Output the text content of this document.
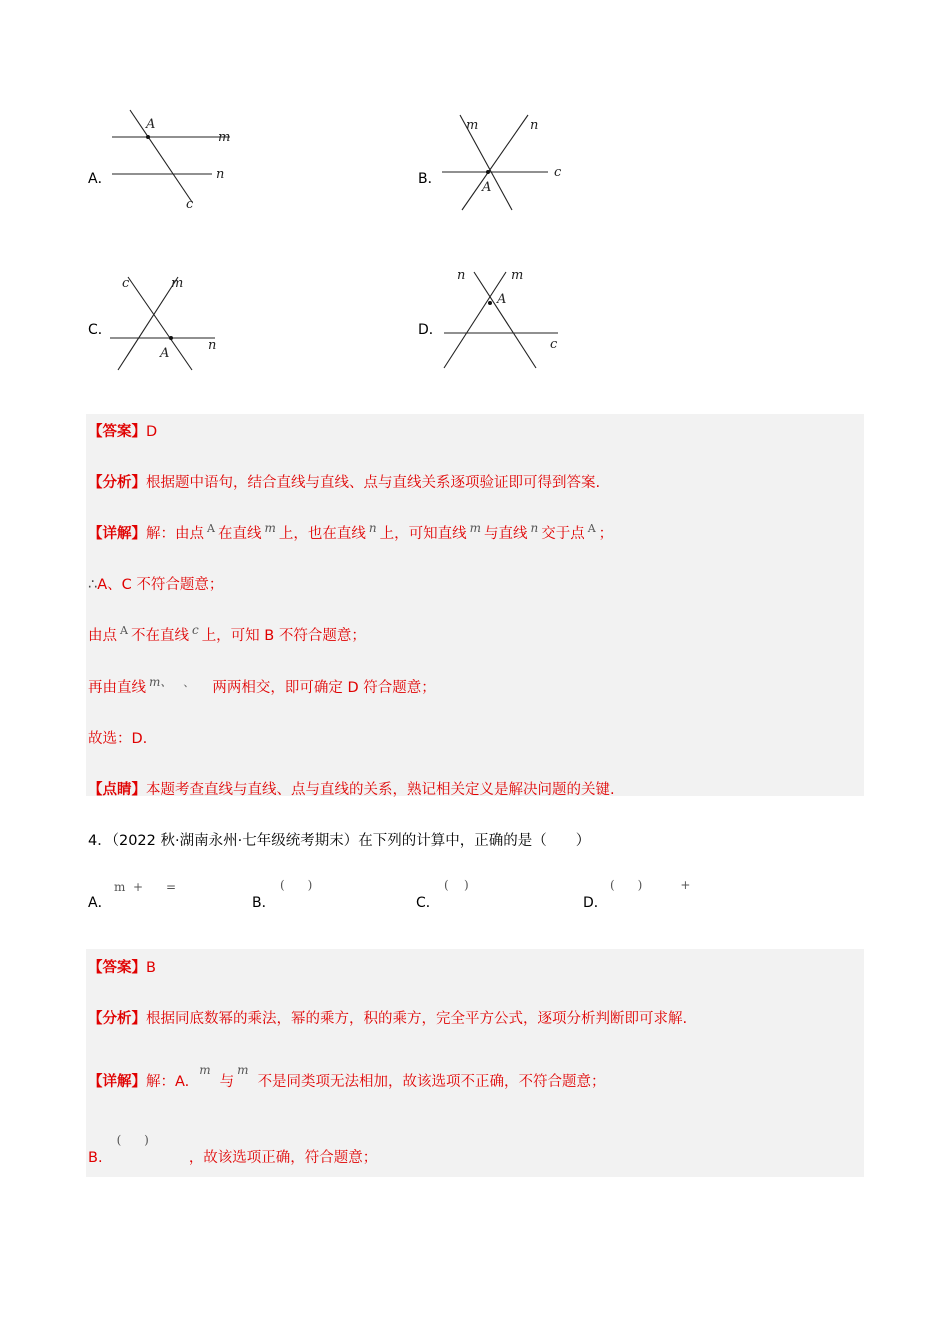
A．
A
m
n
c
B．
A
m	n
c
C．
A
c	m
n
D．
A
n	m
c
【答案】D
【分析】根据题中语句，结合直线与直线、点与直线关系逐项验证即可得到答案.
【详解】解：由点 $^A$ 在直线 $^m$ 上，也在直线 $^n$ 上，可知直线 $^m$ 与直线 $^n$ 交于点 $^A$ ；
∴A、C 不符合题意；
由点 $^A$ 不在直线 $^c$ 上，可知 B 不符合题意；
再由直线 $^{m、}$ 、 两两相交，即可确定 D 符合题意；
故选：D.
【点睛】本题考查直线与直线、点与直线的关系，熟记相关定义是解决问题的关键.
4．（2022 秋·湖南永州·七年级统考期末）在下列的计算中，正确的是（　　）
A．
m  +      =
B．
(      )
C．
(    )
D．
(      )          +
【答案】B
【分析】根据同底数幂的乘法，幂的乘方，积的乘方，完全平方公式，逐项分析判断即可求解.
【详解】解：A.$^m$与$^m$不是同类项无法相加，故该选项不正确，不符合题意；
B.(      )，故该选项正确，符合题意；
